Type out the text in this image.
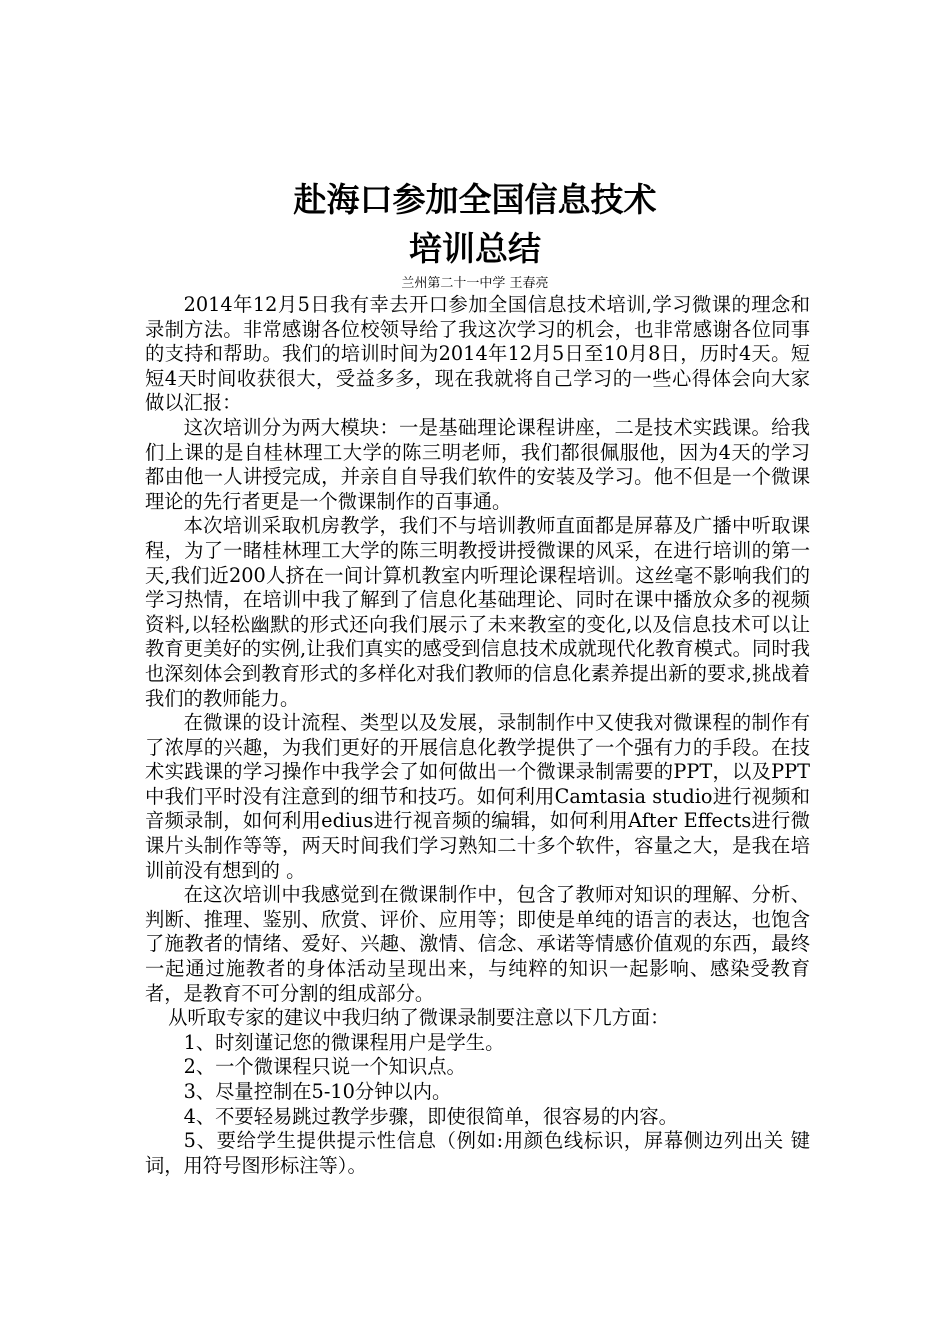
赴海口参加全国信息技术
培训总结
兰州第二十一中学 王春亮

2014年12月5日我有幸去开口参加全国信息技术培训,学习微课的理念和录制方法。非常感谢各位校领导给了我这次学习的机会，也非常感谢各位同事的支持和帮助。我们的培训时间为2014年12月5日至10月8日，历时4天。短短4天时间收获很大，受益多多，现在我就将自己学习的一些心得体会向大家做以汇报：

这次培训分为两大模块：一是基础理论课程讲座，二是技术实践课。给我们上课的是自桂林理工大学的陈三明老师，我们都很佩服他，因为4天的学习都由他一人讲授完成，并亲自自导我们软件的安装及学习。他不但是一个微课理论的先行者更是一个微课制作的百事通。

本次培训采取机房教学，我们不与培训教师直面都是屏幕及广播中听取课程，为了一睹桂林理工大学的陈三明教授讲授微课的风采，在进行培训的第一天,我们近200人挤在一间计算机教室内听理论课程培训。这丝毫不影响我们的学习热情，在培训中我了解到了信息化基础理论、同时在课中播放众多的视频资料,以轻松幽默的形式还向我们展示了未来教室的变化,以及信息技术可以让教育更美好的实例,让我们真实的感受到信息技术成就现代化教育模式。同时我也深刻体会到教育形式的多样化对我们教师的信息化素养提出新的要求,挑战着我们的教师能力。

在微课的设计流程、类型以及发展，录制制作中又使我对微课程的制作有了浓厚的兴趣，为我们更好的开展信息化教学提供了一个强有力的手段。在技术实践课的学习操作中我学会了如何做出一个微课录制需要的PPT，以及PPT中我们平时没有注意到的细节和技巧。如何利用Camtasia studio进行视频和音频录制，如何利用edius进行视音频的编辑，如何利用After Effects进行微课片头制作等等，两天时间我们学习熟知二十多个软件，容量之大，是我在培训前没有想到的 。

在这次培训中我感觉到在微课制作中，包含了教师对知识的理解、分析、判断、推理、鉴别、欣赏、评价、应用等；即使是单纯的语言的表达，也饱含了施教者的情绪、爱好、兴趣、激情、信念、承诺等情感价值观的东西，最终一起通过施教者的身体活动呈现出来，与纯粹的知识一起影响、感染受教育者，是教育不可分割的组成部分。

从听取专家的建议中我归纳了微课录制要注意以下几方面：

1、时刻谨记您的微课程用户是学生。

2、一个微课程只说一个知识点。

3、尽量控制在5-10分钟以内。

4、不要轻易跳过教学步骤，即使很简单，很容易的内容。

5、要给学生提供提示性信息（例如:用颜色线标识，屏幕侧边列出关 键词，用符号图形标注等）。
